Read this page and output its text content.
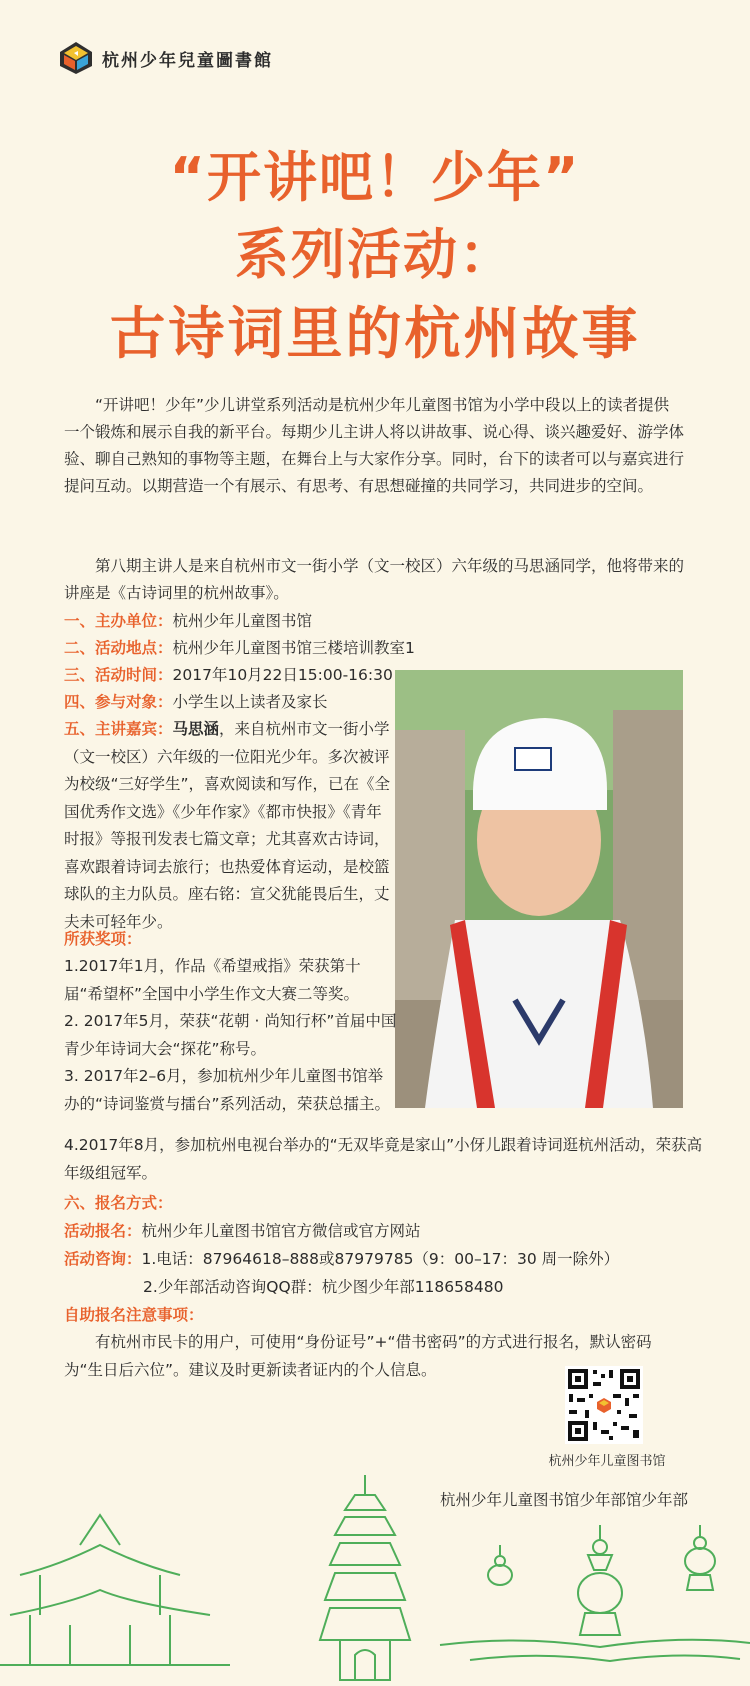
杭州少年兒童圖書館
“开讲吧！少年”
系列活动：
古诗词里的杭州故事

“开讲吧！少年”少儿讲堂系列活动是杭州少年儿童图书馆为小学中段以上的读者提供一个锻炼和展示自我的新平台。每期少儿主讲人将以讲故事、说心得、谈兴趣爱好、游学体验、聊自己熟知的事物等主题，在舞台上与大家作分享。同时，台下的读者可以与嘉宾进行提问互动。以期营造一个有展示、有思考、有思想碰撞的共同学习，共同进步的空间。

第八期主讲人是来自杭州市文一街小学（文一校区）六年级的马思涵同学，他将带来的讲座是《古诗词里的杭州故事》。

一、主办单位：杭州少年儿童图书馆
二、活动地点：杭州少年儿童图书馆三楼培训教室1
三、活动时间：2017年10月22日15:00-16:30
四、参与对象：小学生以上读者及家长

五、主讲嘉宾：马思涵，来自杭州市文一街小学（文一校区）六年级的一位阳光少年。多次被评为校级“三好学生”，喜欢阅读和写作，已在《全国优秀作文选》《少年作家》《都市快报》《青年时报》等报刊发表七篇文章；尤其喜欢古诗词，喜欢跟着诗词去旅行；也热爱体育运动，是校篮球队的主力队员。座右铭：宣父犹能畏后生，丈夫未可轻年少。

所获奖项：
1.2017年1月，作品《希望戒指》荣获第十届“希望杯”全国中小学生作文大赛二等奖。
2. 2017年5月，荣获“花朝 · 尚知行杯”首届中国青少年诗词大会“探花”称号。
3. 2017年2–6月，参加杭州少年儿童图书馆举办的“诗词鉴赏与擂台”系列活动，荣获总擂主。
4.2017年8月，参加杭州电视台举办的“无双毕竟是家山”小伢儿跟着诗词逛杭州活动，荣获高年级组冠军。
六、报名方式：
活动报名：杭州少年儿童图书馆官方微信或官方网站
活动咨询：1.电话：87964618–888或87979785（9：00–17：30 周一除外）
2.少年部活动咨询QQ群：杭少图少年部118658480
自助报名注意事项：

有杭州市民卡的用户，可使用“身份证号”+“借书密码”的方式进行报名，默认密码为“生日后六位”。建议及时更新读者证内的个人信息。

杭州少年儿童图书馆
杭州少年儿童图书馆少年部馆少年部
